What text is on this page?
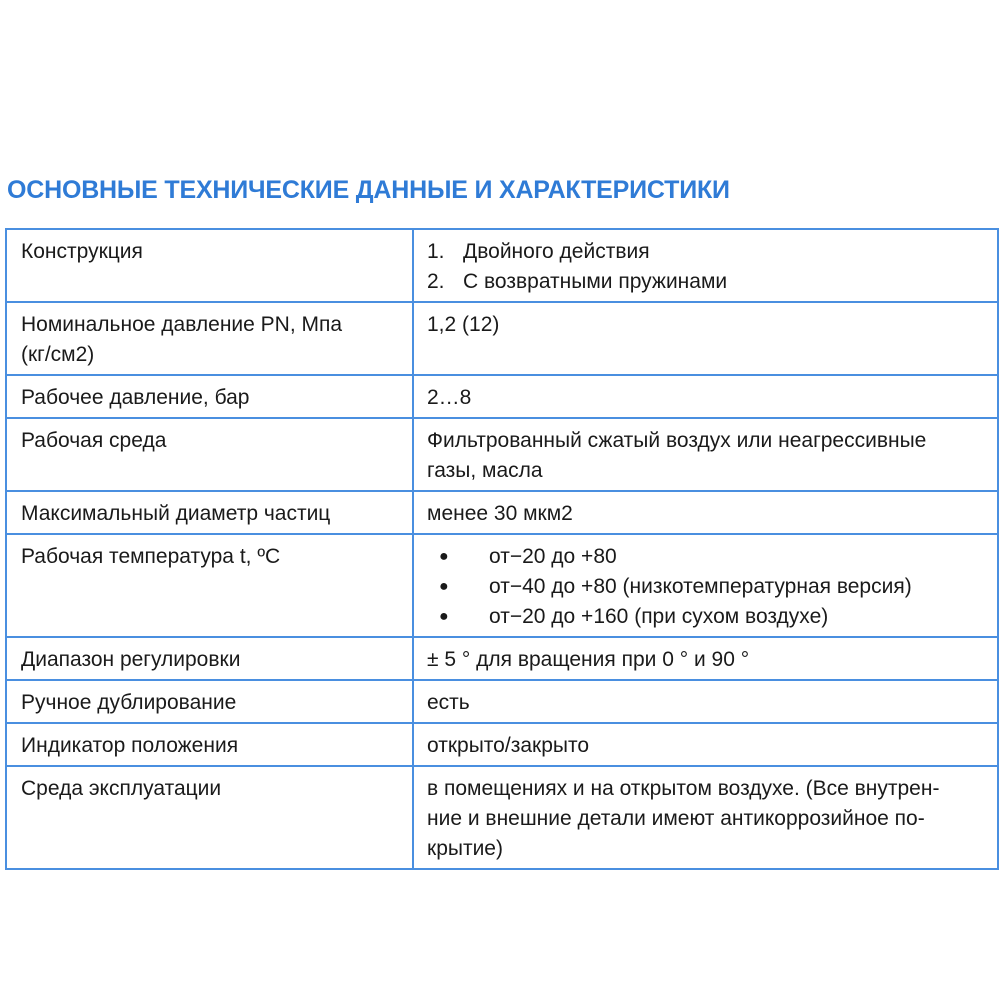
ОСНОВНЫЕ ТЕХНИЧЕСКИЕ ДАННЫЕ И ХАРАКТЕРИСТИКИ
Конструкция	1. Двойного действия
2. С возвратными пружинами

Номинальное давление PN, Мпа
(кг/см2)	1,2 (12)
Рабочее давление, бар	2…8
Рабочая среда	Фильтрованный сжатый воздух или неагрессивные
газы, масла

Максимальный диаметр частиц	менее 30 мкм2
Рабочая температура t, ºС	● от−20 до +80
● от−40 до +80 (низкотемпературная версия)
● от−20 до +160 (при сухом воздухе)

Диапазон регулировки	± 5 ° для вращения при 0 ° и 90 °
Ручное дублирование	есть
Индикатор положения	открыто/закрыто
Среда эксплуатации	в помещениях и на открытом воздухе. (Все внутрен-
ние и внешние детали имеют антикоррозийное по-
крытие)
